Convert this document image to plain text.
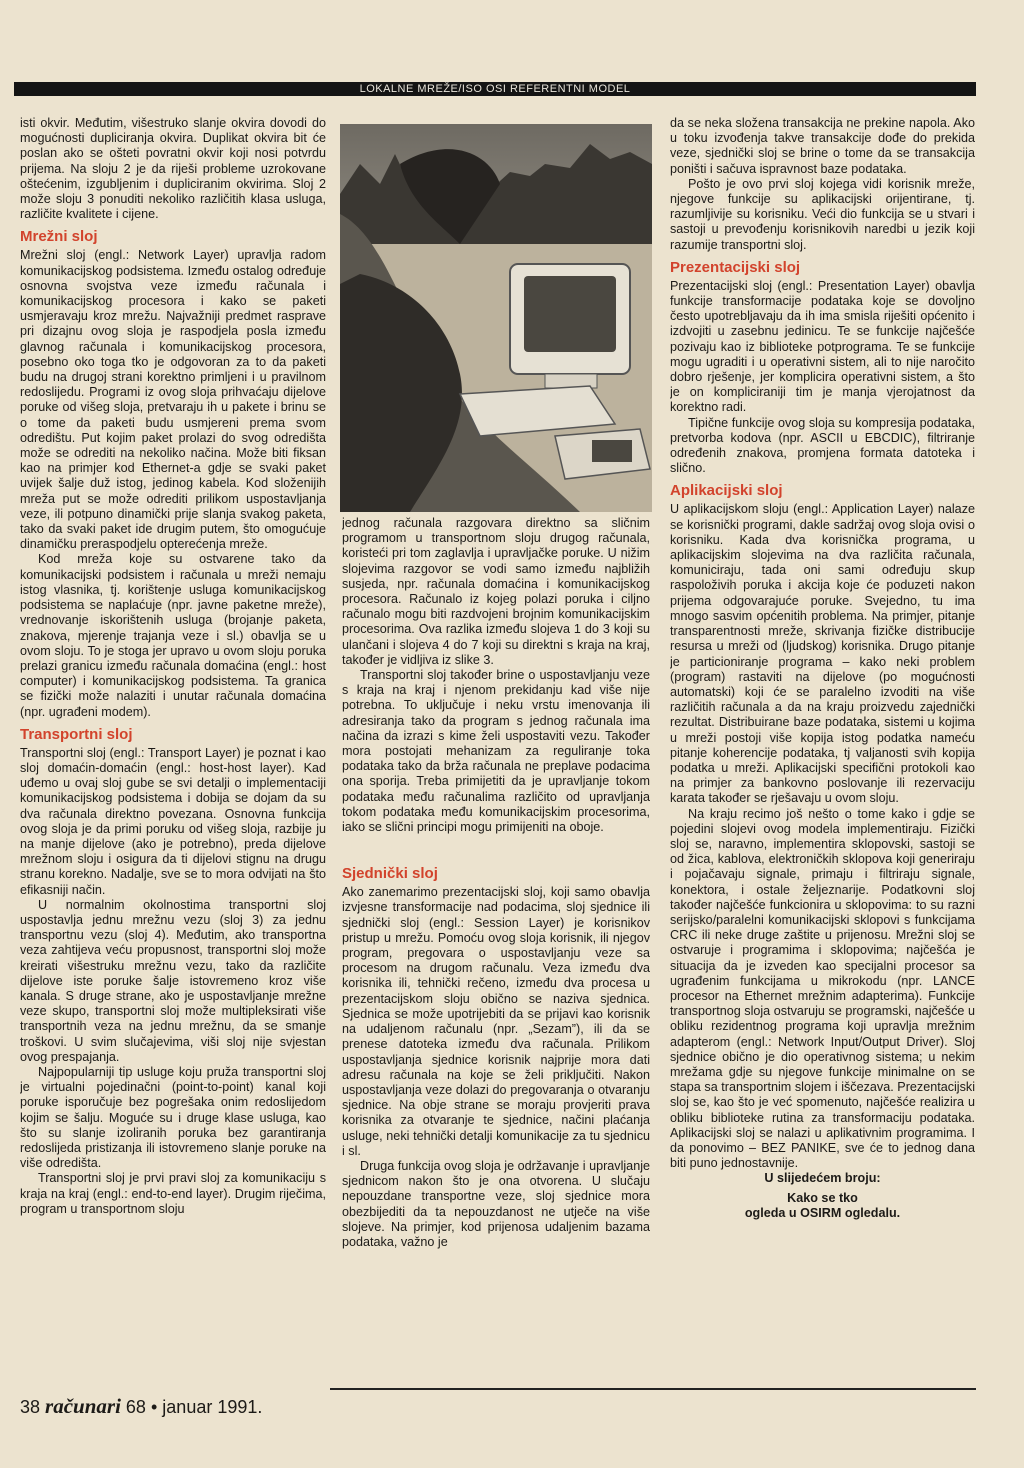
LOKALNE MREŽE/ISO OSI REFERENTNI MODEL

isti okvir. Međutim, višestruko slanje okvira dovodi do mogućnosti dupliciranja okvira. Duplikat okvira bit će poslan ako se ošteti povratni okvir koji nosi potvrdu prijema. Na sloju 2 je da riješi probleme uzrokovane oštećenim, izgubljenim i dupliciranim okvirima. Sloj 2 može sloju 3 ponuditi nekoliko različitih klasa usluga, različite kvalitete i cijene.

Mrežni sloj

Mrežni sloj (engl.: Network Layer) upravlja radom komunikacijskog podsistema. Između ostalog određuje osnovna svojstva veze između računala i komunikacijskog procesora i kako se paketi usmjeravaju kroz mrežu. Najvažniji predmet rasprave pri dizajnu ovog sloja je raspodjela posla između glavnog računala i komunikacijskog procesora, posebno oko toga tko je odgovoran za to da paketi budu na drugoj strani korektno primljeni i u pravilnom redoslijedu. Programi iz ovog sloja prihvaćaju dijelove poruke od višeg sloja, pretvaraju ih u pakete i brinu se o tome da paketi budu usmjereni prema svom odredištu. Put kojim paket prolazi do svog odredišta može se odrediti na nekoliko načina. Može biti fiksan kao na primjer kod Ethernet-a gdje se svaki paket uvijek šalje duž istog, jedinog kabela. Kod složenijih mreža put se može odrediti prilikom uspostavljanja veze, ili potpuno dinamički prije slanja svakog paketa, tako da svaki paket ide drugim putem, što omogućuje dinamičku preraspodjelu opterećenja mreže.

Kod mreža koje su ostvarene tako da komunikacijski podsistem i računala u mreži nemaju istog vlasnika, tj. korištenje usluga komunikacijskog podsistema se naplaćuje (npr. javne paketne mreže), vrednovanje iskorištenih usluga (brojanje paketa, znakova, mjerenje trajanja veze i sl.) obavlja se u ovom sloju. To je stoga jer upravo u ovom sloju poruka prelazi granicu između računala domaćina (engl.: host computer) i komunikacijskog podsistema. Ta granica se fizički može nalaziti i unutar računala domaćina (npr. ugrađeni modem).

Transportni sloj

Transportni sloj (engl.: Transport Layer) je poznat i kao sloj domaćin-domaćin (engl.: host-host layer). Kad uđemo u ovaj sloj gube se svi detalji o implementaciji komunikacijskog podsistema i dobija se dojam da su dva računala direktno povezana. Osnovna funkcija ovog sloja je da primi poruku od višeg sloja, razbije ju na manje dijelove (ako je potrebno), preda dijelove mrežnom sloju i osigura da ti dijelovi stignu na drugu stranu korekno. Nadalje, sve se to mora odvijati na što efikasniji način.

U normalnim okolnostima transportni sloj uspostavlja jednu mrežnu vezu (sloj 3) za jednu transportnu vezu (sloj 4). Međutim, ako transportna veza zahtijeva veću propusnost, transportni sloj može kreirati višestruku mrežnu vezu, tako da različite dijelove iste poruke šalje istovremeno kroz više kanala. S druge strane, ako je uspostavljanje mrežne veze skupo, transportni sloj može multipleksirati više transportnih veza na jednu mrežnu, da se smanje troškovi. U svim slučajevima, viši sloj nije svjestan ovog prespajanja.

Najpopularniji tip usluge koju pruža transportni sloj je virtualni pojedinačni (point-to-point) kanal koji poruke isporučuje bez pogrešaka onim redoslijedom kojim se šalju. Moguće su i druge klase usluga, kao što su slanje izoliranih poruka bez garantiranja redoslijeda pristizanja ili istovremeno slanje poruke na više odredišta.

Transportni sloj je prvi pravi sloj za komunikaciju s kraja na kraj (engl.: end-to-end layer). Drugim riječima, program u transportnom sloju

jednog računala razgovara direktno sa sličnim programom u transportnom sloju drugog računala, koristeći pri tom zaglavlja i upravljačke poruke. U nižim slojevima razgovor se vodi samo između najbližih susjeda, npr. računala domaćina i komunikacijskog procesora. Računalo iz kojeg polazi poruka i ciljno računalo mogu biti razdvojeni brojnim komunikacijskim procesorima. Ova razlika između slojeva 1 do 3 koji su ulančani i slojeva 4 do 7 koji su direktni s kraja na kraj, također je vidljiva iz slike 3.

Transportni sloj također brine o uspostavljanju veze s kraja na kraj i njenom prekidanju kad više nije potrebna. To uključuje i neku vrstu imenovanja ili adresiranja tako da program s jednog računala ima načina da izrazi s kime želi uspostaviti vezu. Također mora postojati mehanizam za reguliranje toka podataka tako da brža računala ne preplave podacima ona sporija. Treba primijetiti da je upravljanje tokom podataka među računalima različito od upravljanja tokom podataka među komunikacijskim procesorima, iako se slični principi mogu primijeniti na oboje.

Sjednički sloj

Ako zanemarimo prezentacijski sloj, koji samo obavlja izvjesne transformacije nad podacima, sloj sjednice ili sjednički sloj (engl.: Session Layer) je korisnikov pristup u mrežu. Pomoću ovog sloja korisnik, ili njegov program, pregovara o uspostavljanju veze sa procesom na drugom računalu. Veza između dva korisnika ili, tehnički rečeno, između dva procesa u prezentacijskom sloju obično se naziva sjednica. Sjednica se može upotrijebiti da se prijavi kao korisnik na udaljenom računalu (npr. „Sezam”), ili da se prenese datoteka između dva računala. Prilikom uspostavljanja sjednice korisnik najprije mora dati adresu računala na koje se želi priključiti. Nakon uspostavljanja veze dolazi do pregovaranja o otvaranju sjednice. Na obje strane se moraju provjeriti prava korisnika za otvaranje te sjednice, načini plaćanja usluge, neki tehnički detalji komunikacije za tu sjednicu i sl.

Druga funkcija ovog sloja je održavanje i upravljanje sjednicom nakon što je ona otvorena. U slučaju nepouzdane transportne veze, sloj sjednice mora obezbijediti da ta nepouzdanost ne utječe na više slojeve. Na primjer, kod prijenosa udaljenim bazama podataka, važno je

da se neka složena transakcija ne prekine napola. Ako u toku izvođenja takve transakcije dođe do prekida veze, sjednički sloj se brine o tome da se transakcija poništi i sačuva ispravnost baze podataka.

Pošto je ovo prvi sloj kojega vidi korisnik mreže, njegove funkcije su aplikacijski orijentirane, tj. razumljivije su korisniku. Veći dio funkcija se u stvari i sastoji u prevođenju korisnikovih naredbi u jezik koji razumije transportni sloj.

Prezentacijski sloj

Prezentacijski sloj (engl.: Presentation Layer) obavlja funkcije transformacije podataka koje se dovoljno često upotrebljavaju da ih ima smisla riješiti općenito i izdvojiti u zasebnu jedinicu. Te se funkcije najčešće pozivaju kao iz biblioteke potprograma. Te se funkcije mogu ugraditi i u operativni sistem, ali to nije naročito dobro rješenje, jer komplicira operativni sistem, a što je on kompliciraniji tim je manja vjerojatnost da korektno radi.

Tipične funkcije ovog sloja su kompresija podataka, pretvorba kodova (npr. ASCII u EBCDIC), filtriranje određenih znakova, promjena formata datoteka i slično.

Aplikacijski sloj

U aplikacijskom sloju (engl.: Application Layer) nalaze se korisnički programi, dakle sadržaj ovog sloja ovisi o korisniku. Kada dva korisnička programa, u aplikacijskim slojevima na dva različita računala, komuniciraju, tada oni sami određuju skup raspoloživih poruka i akcija koje će poduzeti nakon prijema odgovarajuće poruke. Svejedno, tu ima mnogo sasvim općenitih problema. Na primjer, pitanje transparentnosti mreže, skrivanja fizičke distribucije resursa u mreži od (ljudskog) korisnika. Drugo pitanje je particioniranje programa – kako neki problem (program) rastaviti na dijelove (po mogućnosti automatski) koji će se paralelno izvoditi na više različitih računala a da na kraju proizvedu zajednički rezultat. Distribuirane baze podataka, sistemi u kojima u mreži postoji više kopija istog podatka nameću pitanje koherencije podataka, tj valjanosti svih kopija podatka u mreži. Aplikacijski specifični protokoli kao na primjer za bankovno poslovanje ili rezervaciju karata također se rješavaju u ovom sloju.

Na kraju recimo još nešto o tome kako i gdje se pojedini slojevi ovog modela implementiraju. Fizički sloj se, naravno, implementira sklopovski, sastoji se od žica, kablova, elektroničkih sklopova koji generiraju i pojačavaju signale, primaju i filtriraju signale, konektora, i ostale željeznarije. Podatkovni sloj također najčešće funkcionira u sklopovima: to su razni serijsko/paralelni komunikacijski sklopovi s funkcijama CRC ili neke druge zaštite u prijenosu. Mrežni sloj se ostvaruje i programima i sklopovima; najčešća je situacija da je izveden kao specijalni procesor sa ugrađenim funkcijama u mikrokodu (npr. LANCE procesor na Ethernet mrežnim adapterima). Funkcije transportnog sloja ostvaruju se programski, najčešće u obliku rezidentnog programa koji upravlja mrežnim adapterom (engl.: Network Input/Output Driver). Sloj sjednice obično je dio operativnog sistema; u nekim mrežama gdje su njegove funkcije minimalne on se stapa sa transportnim slojem i iščezava. Prezentacijski sloj se, kao što je već spomenuto, najčešće realizira u obliku biblioteke rutina za transformaciju podataka. Aplikacijski sloj se nalazi u aplikativnim programima. I da ponovimo – BEZ PANIKE, sve će to jednog dana biti puno jednostavnije.

U slijedećem broju:

Kako se tko

ogleda u OSIRM ogledalu.

38 računari 68 • januar 1991.
